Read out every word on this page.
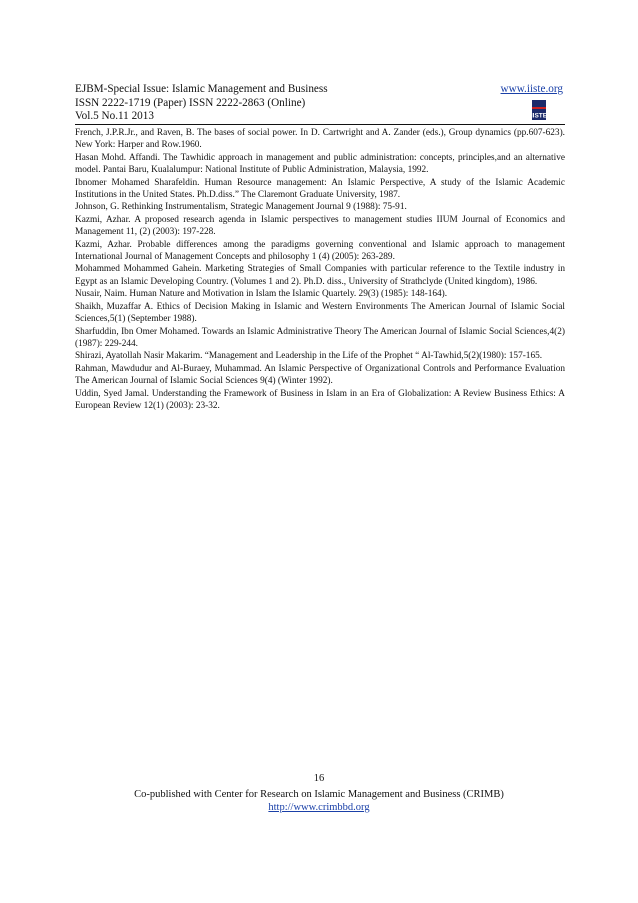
EJBM-Special Issue: Islamic Management and Business
ISSN 2222-1719 (Paper) ISSN 2222-2863 (Online)
Vol.5 No.11 2013
www.iiste.org
IISTE

French, J.P.R.Jr., and Raven, B. The bases of social power. In D. Cartwright and A. Zander (eds.), Group dynamics (pp.607-623). New York: Harper and Row.1960.

Hasan Mohd. Affandi. The Tawhidic approach in management and public administration: concepts, principles,and an alternative model. Pantai Baru, Kualalumpur: National Institute of Public Administration, Malaysia, 1992.

Ibnomer Mohamed Sharafeldin. Human Resource management: An Islamic Perspective, A study of the Islamic Academic Institutions in the United States. Ph.D.diss.” The Claremont Graduate University, 1987.

Johnson, G. Rethinking Instrumentalism, Strategic Management Journal 9 (1988): 75-91.

Kazmi, Azhar. A proposed research agenda in Islamic perspectives to management studies IIUM Journal of Economics and Management 11, (2) (2003): 197-228.

Kazmi, Azhar. Probable differences among the paradigms governing conventional and Islamic approach to management International Journal of Management Concepts and philosophy 1 (4) (2005): 263-289.

Mohammed Mohammed Gahein. Marketing Strategies of Small Companies with particular reference to the Textile industry in Egypt as an Islamic Developing Country. (Volumes 1 and 2). Ph.D. diss., University of Strathclyde (United kingdom), 1986.

Nusair, Naim. Human Nature and Motivation in Islam the Islamic Quartely. 29(3) (1985): 148-164).

Shaikh, Muzaffar A. Ethics of Decision Making in Islamic and Western Environments The American Journal of Islamic Social Sciences,5(1) (September 1988).

Sharfuddin, Ibn Omer Mohamed. Towards an Islamic Administrative Theory The American Journal of Islamic Social Sciences,4(2) (1987): 229-244.

Shirazi, Ayatollah Nasir Makarim. “Management and Leadership in the Life of the Prophet “ Al-Tawhid,5(2)(1980): 157-165.

Rahman, Mawdudur and Al-Buraey, Muhammad. An Islamic Perspective of Organizational Controls and Performance Evaluation The American Journal of Islamic Social Sciences 9(4) (Winter 1992).

Uddin, Syed Jamal. Understanding the Framework of Business in Islam in an Era of Globalization: A Review Business Ethics: A European Review 12(1) (2003): 23-32.

16
Co-published with Center for Research on Islamic Management and Business (CRIMB)
http://www.crimbbd.org
